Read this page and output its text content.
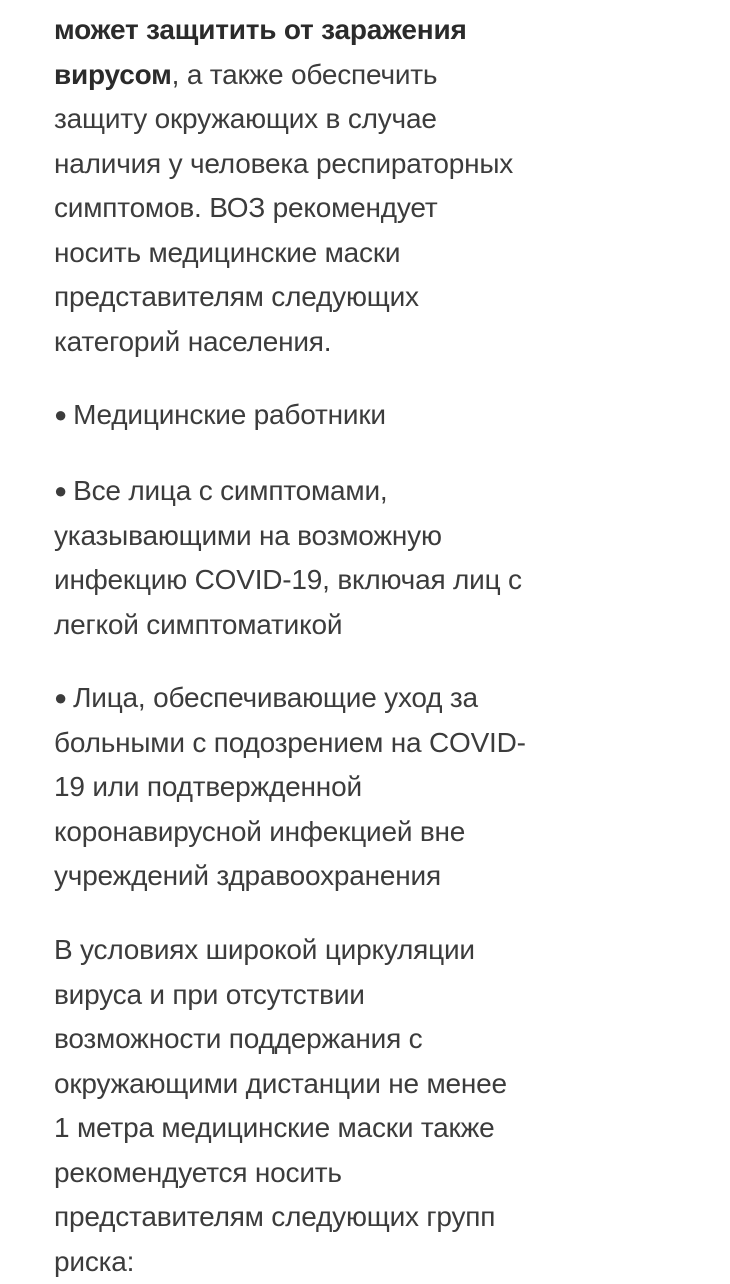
может защитить от заражения
вирусом, а также обеспечить
защиту окружающих в случае
наличия у человека респираторных
симптомов. ВОЗ рекомендует
носить медицинские маски
представителям следующих
категорий населения.
● Медицинские работники
● Все лица с симптомами,
указывающими на возможную
инфекцию COVID-19, включая лиц с
легкой симптоматикой
● Лица, обеспечивающие уход за
больными с подозрением на COVID-
19 или подтвержденной
коронавирусной инфекцией вне
учреждений здравоохранения
В условиях широкой циркуляции
вируса и при отсутствии
возможности поддержания с
окружающими дистанции не менее
1 метра медицинские маски также
рекомендуется носить
представителям следующих групп
риска:
